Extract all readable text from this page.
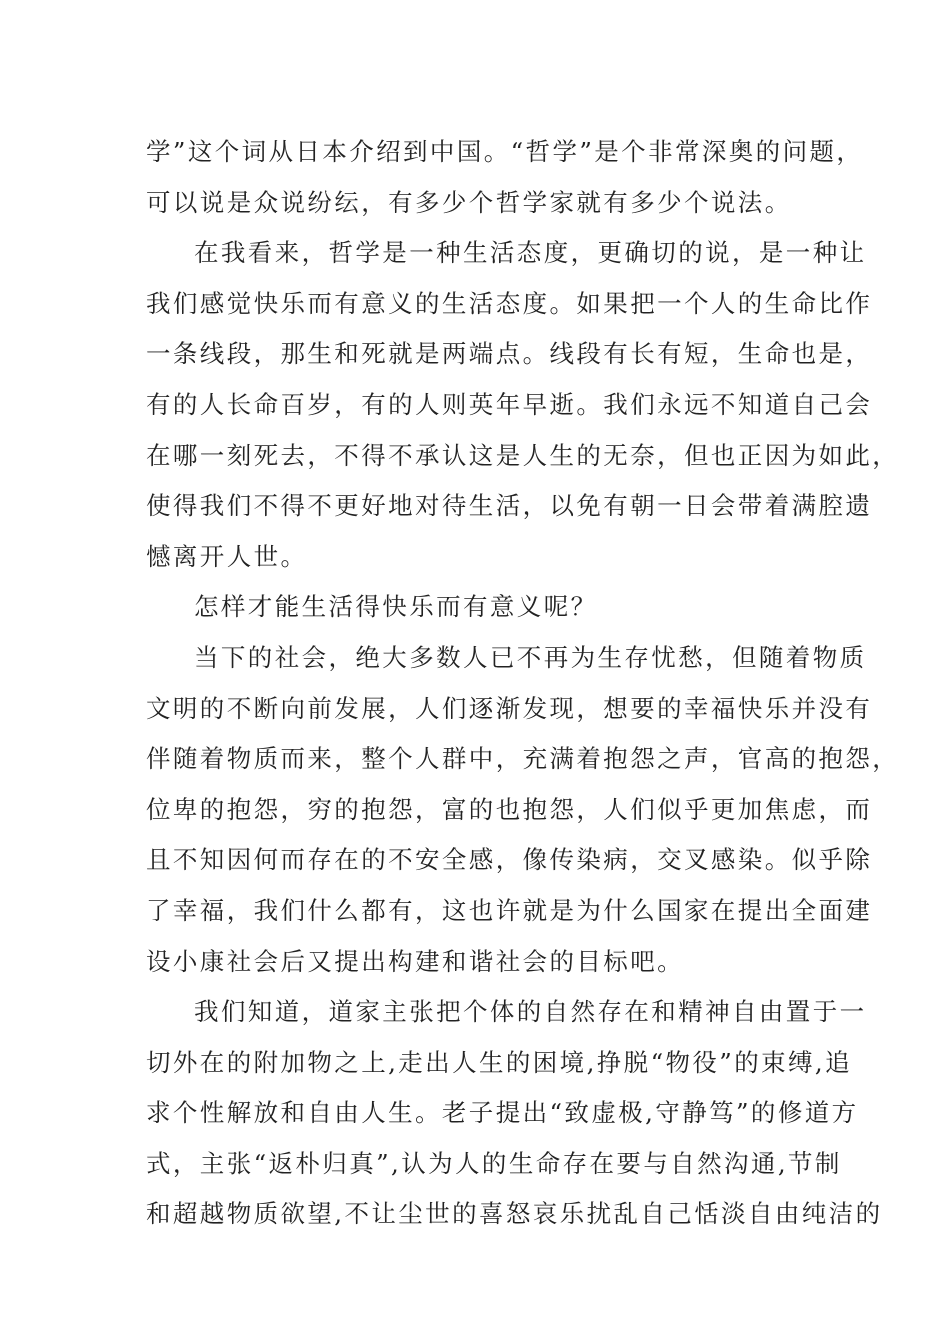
学”这个词从日本介绍到中国。“哲学”是个非常深奥的问题，
可以说是众说纷纭，有多少个哲学家就有多少个说法。
在我看来，哲学是一种生活态度，更确切的说，是一种让
我们感觉快乐而有意义的生活态度。如果把一个人的生命比作
一条线段，那生和死就是两端点。线段有长有短，生命也是，
有的人长命百岁，有的人则英年早逝。我们永远不知道自己会
在哪一刻死去，不得不承认这是人生的无奈，但也正因为如此，
使得我们不得不更好地对待生活，以免有朝一日会带着满腔遗
憾离开人世。
怎样才能生活得快乐而有意义呢？
当下的社会，绝大多数人已不再为生存忧愁，但随着物质
文明的不断向前发展，人们逐渐发现，想要的幸福快乐并没有
伴随着物质而来，整个人群中，充满着抱怨之声，官高的抱怨，
位卑的抱怨，穷的抱怨，富的也抱怨，人们似乎更加焦虑，而
且不知因何而存在的不安全感，像传染病，交叉感染。似乎除
了幸福，我们什么都有，这也许就是为什么国家在提出全面建
设小康社会后又提出构建和谐社会的目标吧。
我们知道，道家主张把个体的自然存在和精神自由置于一
切外在的附加物之上,走出人生的困境,挣脱“物役”的束缚,追
求个性解放和自由人生。老子提出“致虚极,守静笃”的修道方
式，主张“返朴归真”,认为人的生命存在要与自然沟通,节制
和超越物质欲望,不让尘世的喜怒哀乐扰乱自己恬淡自由纯洁的
